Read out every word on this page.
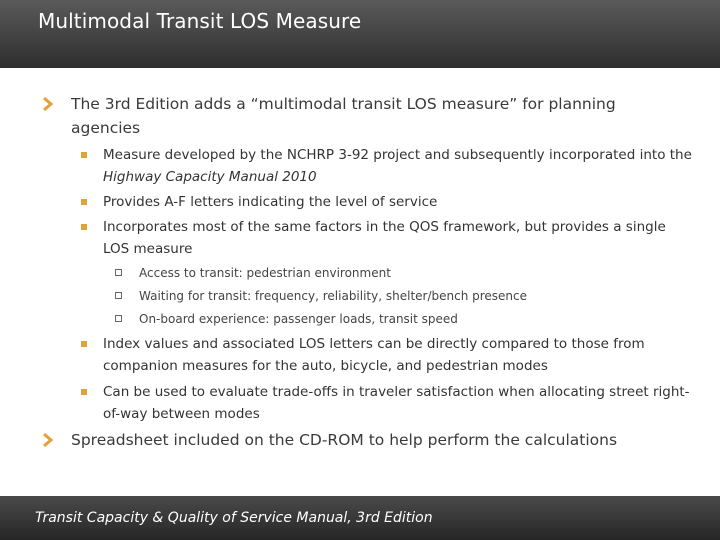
Multimodal Transit LOS Measure
The 3rd Edition adds a “multimodal transit LOS measure” for planning agencies
Measure developed by the NCHRP 3-92 project and subsequently incorporated into the Highway Capacity Manual 2010
Provides A-F letters indicating the level of service
Incorporates most of the same factors in the QOS framework, but provides a single LOS measure
Access to transit: pedestrian environment
Waiting for transit: frequency, reliability, shelter/bench presence
On-board experience: passenger loads, transit speed
Index values and associated LOS letters can be directly compared to those from companion measures for the auto, bicycle, and pedestrian modes
Can be used to evaluate trade-offs in traveler satisfaction when allocating street right-of-way between modes
Spreadsheet included on the CD-ROM to help perform the calculations
Transit Capacity & Quality of Service Manual, 3rd Edition
